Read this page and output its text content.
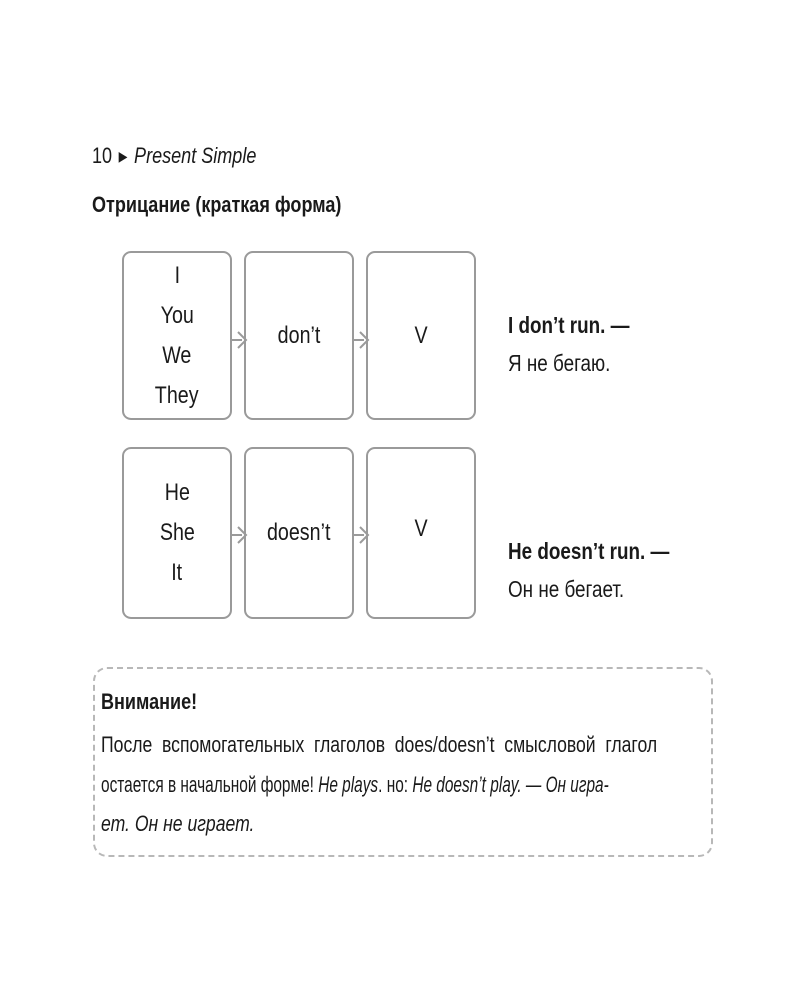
10 ▶ Present Simple
Отрицание (краткая форма)
I
You
We
They
don’t	V	I don’t run. —
Я не бегаю.
He
She
It
doesn’t	V
He doesn’t run. —
Он не бегает.
Внимание!
После вспомогательных глаголов does/doesn’t смысловой глагол
остается в начальной форме! He plays. но: He doesn’t play. — Он игра-
ет. Он не играет.
